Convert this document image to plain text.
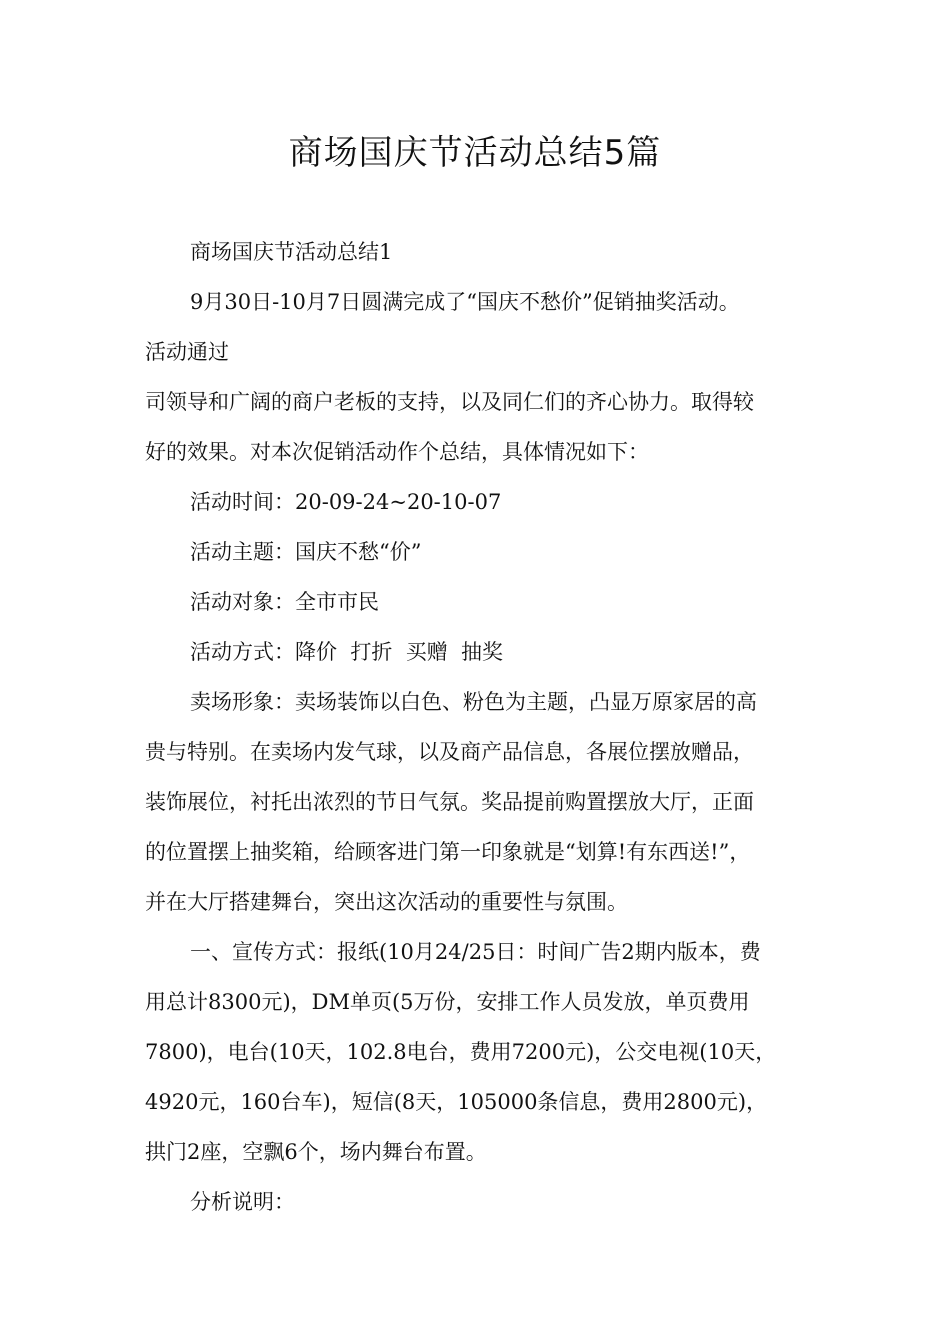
商场国庆节活动总结5篇
商场国庆节活动总结1
9月30日-10月7日圆满完成了“国庆不愁价”促销抽奖活动。
活动通过
司领导和广阔的商户老板的支持，以及同仁们的齐心协力。取得较
好的效果。对本次促销活动作个总结，具体情况如下：
活动时间：20-09-24~20-10-07
活动主题：国庆不愁“价”
活动对象：全市市民
活动方式：降价  打折  买赠  抽奖
卖场形象：卖场装饰以白色、粉色为主题，凸显万原家居的高
贵与特别。在卖场内发气球，以及商产品信息，各展位摆放赠品，
装饰展位，衬托出浓烈的节日气氛。奖品提前购置摆放大厅，正面
的位置摆上抽奖箱，给顾客进门第一印象就是“划算!有东西送!”，
并在大厅搭建舞台，突出这次活动的重要性与氛围。
一、宣传方式：报纸(10月24/25日：时间广告2期内版本，费
用总计8300元)，DM单页(5万份，安排工作人员发放，单页费用
7800)，电台(10天，102.8电台，费用7200元)，公交电视(10天，
4920元，160台车)，短信(8天，105000条信息，费用2800元)，
拱门2座，空飘6个，场内舞台布置。
分析说明：
